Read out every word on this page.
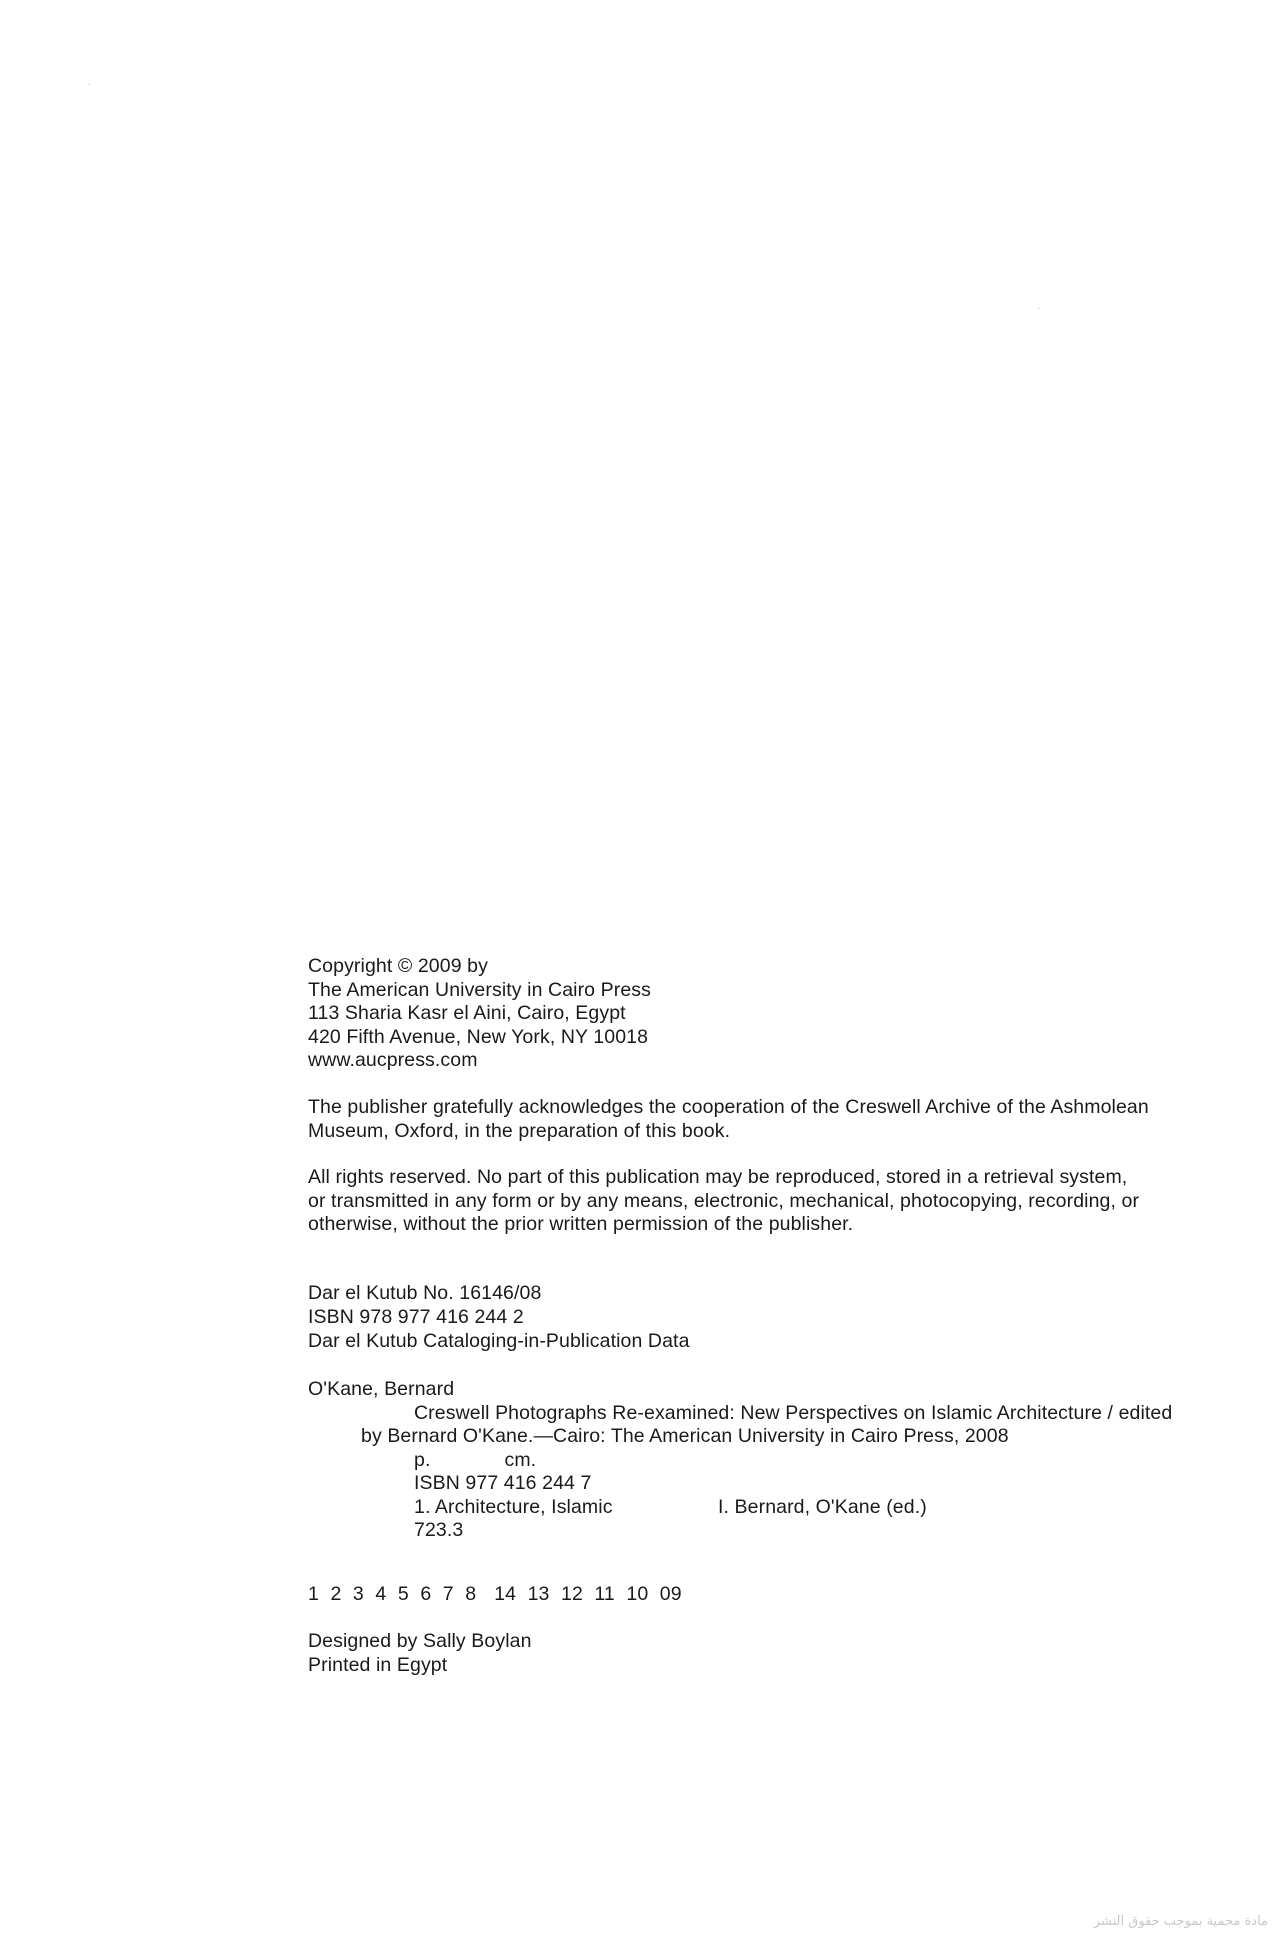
Copyright © 2009 by
The American University in Cairo Press
113 Sharia Kasr el Aini, Cairo, Egypt
420 Fifth Avenue, New York, NY 10018
www.aucpress.com
The publisher gratefully acknowledges the cooperation of the Creswell Archive of the Ashmolean
Museum, Oxford, in the preparation of this book.
All rights reserved. No part of this publication may be reproduced, stored in a retrieval system,
or transmitted in any form or by any means, electronic, mechanical, photocopying, recording, or
otherwise, without the prior written permission of the publisher.
Dar el Kutub No. 16146/08
ISBN 978 977 416 244 2
Dar el Kutub Cataloging-in-Publication Data
O'Kane, Bernard
Creswell Photographs Re-examined: New Perspectives on Islamic Architecture / edited
by Bernard O'Kane.—Cairo: The American University in Cairo Press, 2008
p.	cm.
ISBN 977 416 244 7
1. Architecture, Islamic	I. Bernard, O'Kane (ed.)
723.3
1 2 3 4 5 6 7 8 14 13 12 11 10 09
Designed by Sally Boylan
Printed in Egypt
مادة محمية بموجب حقوق النشر
